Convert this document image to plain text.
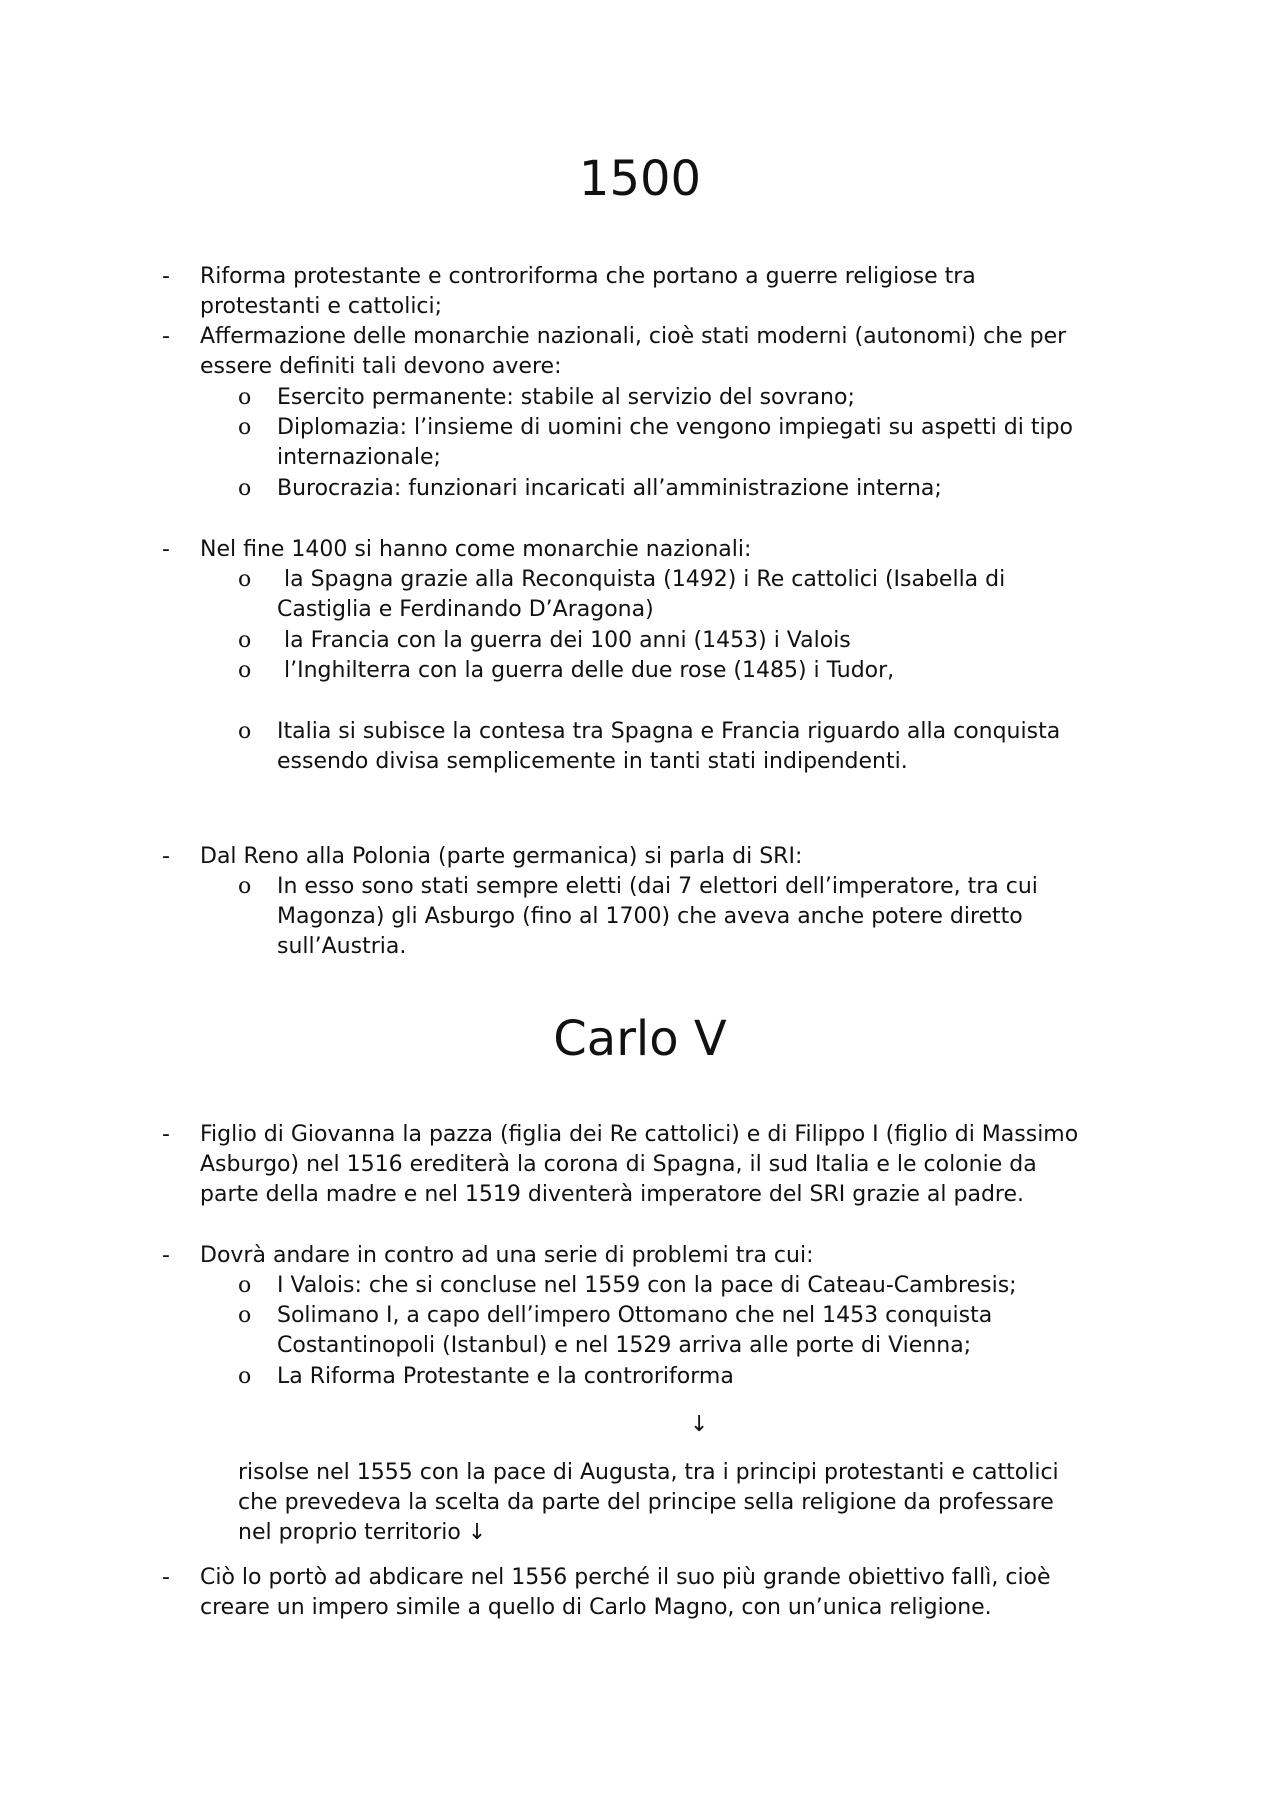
1500
- Riforma protestante e controriforma che portano a guerre religiose tra

protestanti e cattolici;

- Affermazione delle monarchie nazionali, cioè stati moderni (autonomi) che per

essere definiti tali devono avere:

o Esercito permanente: stabile al servizio del sovrano;

o Diplomazia: l’insieme di uomini che vengono impiegati su aspetti di tipo

internazionale;

o Burocrazia: funzionari incaricati all’amministrazione interna;

- Nel fine 1400 si hanno come monarchie nazionali:

o la Spagna grazie alla Reconquista (1492) i Re cattolici (Isabella di

Castiglia e Ferdinando D’Aragona)

o la Francia con la guerra dei 100 anni (1453) i Valois

o l’Inghilterra con la guerra delle due rose (1485) i Tudor,

o Italia si subisce la contesa tra Spagna e Francia riguardo alla conquista

essendo divisa semplicemente in tanti stati indipendenti.

- Dal Reno alla Polonia (parte germanica) si parla di SRI:

o In esso sono stati sempre eletti (dai 7 elettori dell’imperatore, tra cui

Magonza) gli Asburgo (fino al 1700) che aveva anche potere diretto

sull’Austria.

Carlo V
- Figlio di Giovanna la pazza (figlia dei Re cattolici) e di Filippo I (figlio di Massimo

Asburgo) nel 1516 erediterà la corona di Spagna, il sud Italia e le colonie da

parte della madre e nel 1519 diventerà imperatore del SRI grazie al padre.

- Dovrà andare in contro ad una serie di problemi tra cui:

o I Valois: che si concluse nel 1559 con la pace di Cateau-Cambresis;

o Solimano I, a capo dell’impero Ottomano che nel 1453 conquista

Costantinopoli (Istanbul) e nel 1529 arriva alle porte di Vienna;

o La Riforma Protestante e la controriforma

↓

risolse nel 1555 con la pace di Augusta, tra i principi protestanti e cattolici

che prevedeva la scelta da parte del principe sella religione da professare

nel proprio territorio ↓

- Ciò lo portò ad abdicare nel 1556 perché il suo più grande obiettivo fallì, cioè

creare un impero simile a quello di Carlo Magno, con un’unica religione.
